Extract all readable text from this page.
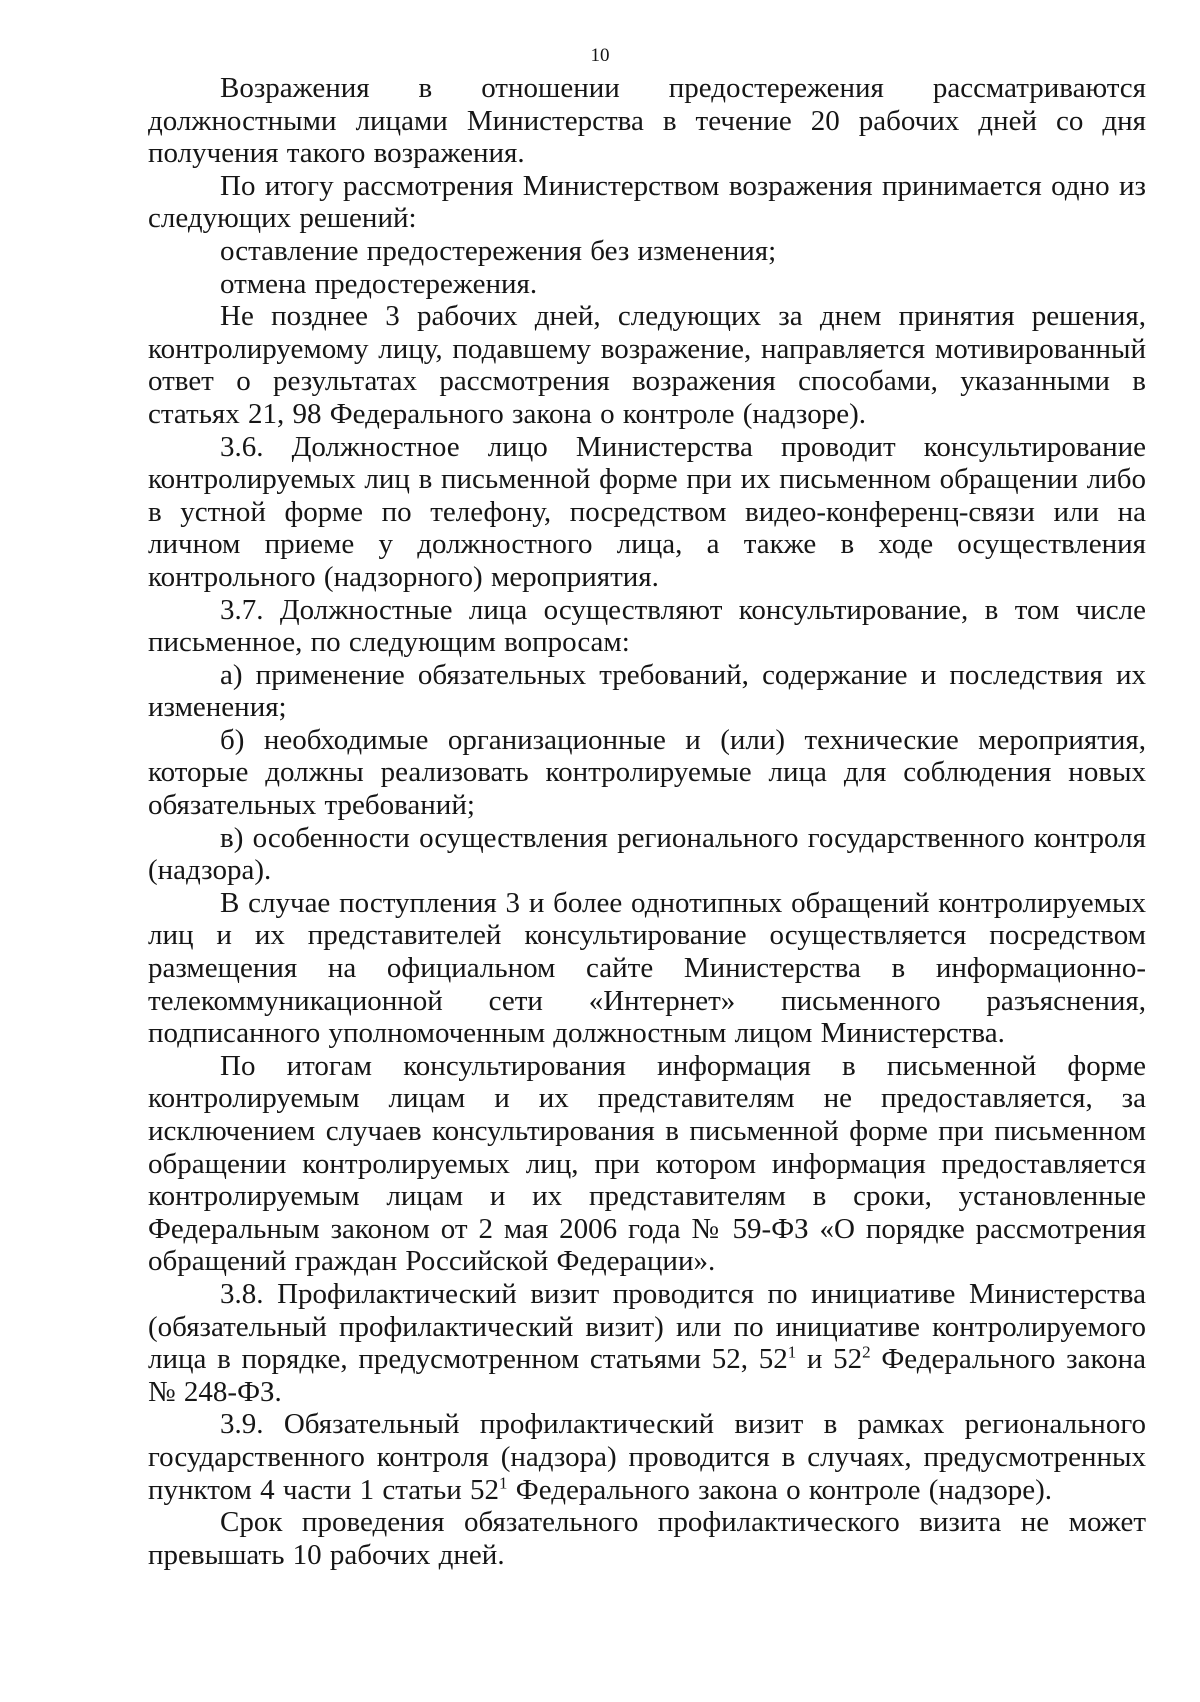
10

Возражения в отношении предостережения рассматриваются должностными лицами Министерства в течение 20 рабочих дней со дня получения такого возражения.

По итогу рассмотрения Министерством возражения принимается одно из следующих решений:

оставление предостережения без изменения;

отмена предостережения.

Не позднее 3 рабочих дней, следующих за днем принятия решения, контролируемому лицу, подавшему возражение, направляется мотивированный ответ о результатах рассмотрения возражения способами, указанными в статьях 21, 98 Федерального закона о контроле (надзоре).

3.6. Должностное лицо Министерства проводит консультирование контролируемых лиц в письменной форме при их письменном обращении либо в устной форме по телефону, посредством видео-конференц-связи или на личном приеме у должностного лица, а также в ходе осуществления контрольного (надзорного) мероприятия.

3.7. Должностные лица осуществляют консультирование, в том числе письменное, по следующим вопросам:

а) применение обязательных требований, содержание и последствия их изменения;

б) необходимые организационные и (или) технические мероприятия, которые должны реализовать контролируемые лица для соблюдения новых обязательных требований;

в) особенности осуществления регионального государственного контроля (надзора).

В случае поступления 3 и более однотипных обращений контролируемых лиц и их представителей консультирование осуществляется посредством размещения на официальном сайте Министерства в информационно-телекоммуникационной сети «Интернет» письменного разъяснения, подписанного уполномоченным должностным лицом Министерства.

По итогам консультирования информация в письменной форме контролируемым лицам и их представителям не предоставляется, за исключением случаев консультирования в письменной форме при письменном обращении контролируемых лиц, при котором информация предоставляется контролируемым лицам и их представителям в сроки, установленные Федеральным законом от 2 мая 2006 года № 59-ФЗ «О порядке рассмотрения обращений граждан Российской Федерации».

3.8. Профилактический визит проводится по инициативе Министерства (обязательный профилактический визит) или по инициативе контролируемого лица в порядке, предусмотренном статьями 52, $52^1$ и $52^2$ Федерального закона № 248-ФЗ.

3.9. Обязательный профилактический визит в рамках регионального государственного контроля (надзора) проводится в случаях, предусмотренных пунктом 4 части 1 статьи $52^1$ Федерального закона о контроле (надзоре).

Срок проведения обязательного профилактического визита не может превышать 10 рабочих дней.
